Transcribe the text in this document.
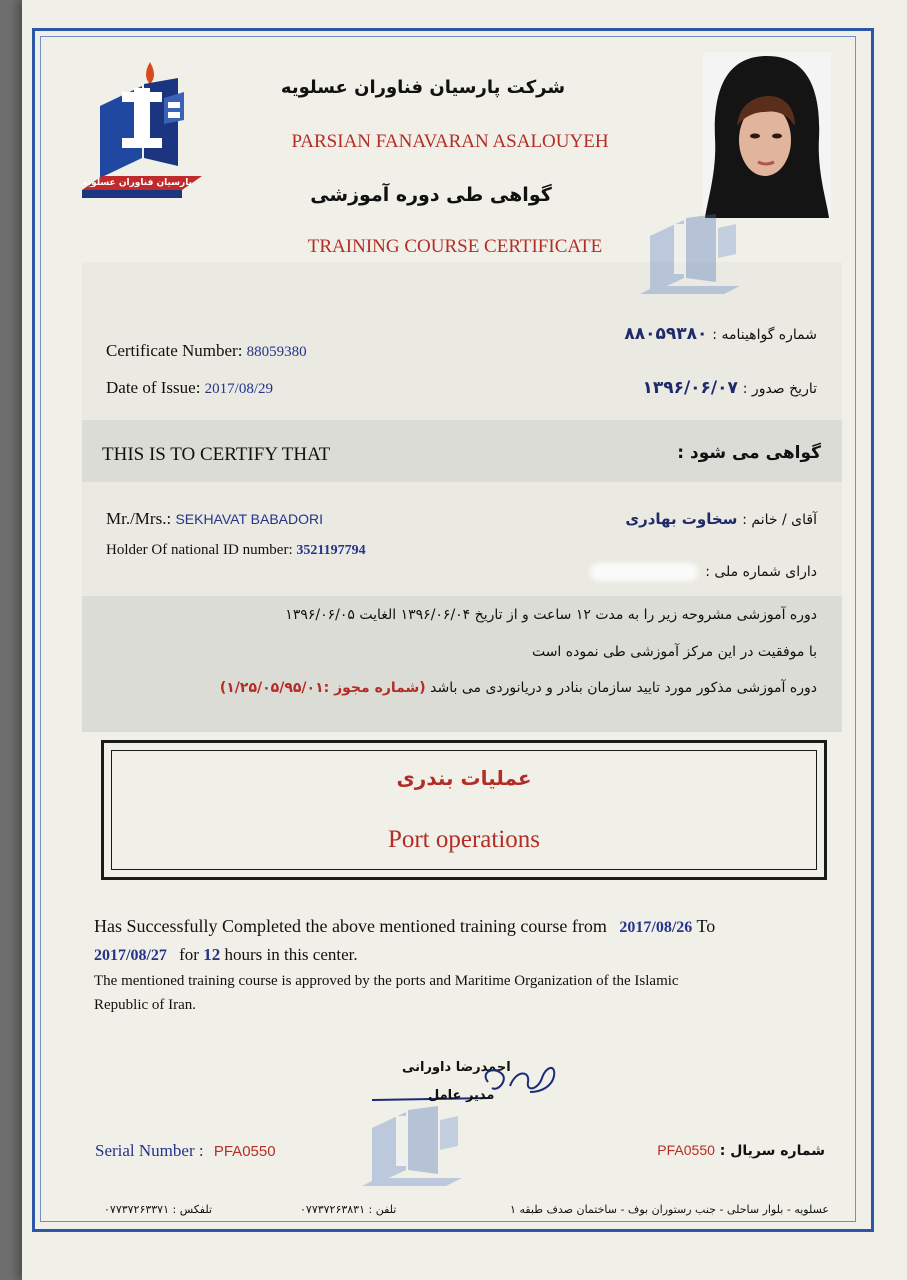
پارسیان فناوران عسلویه
شرکت پارسیان فناوران عسلویه
PARSIAN FANAVARAN ASALOUYEH
گواهی طی دوره آموزشی
TRAINING COURSE CERTIFICATE
Certificate Number: 88059380
Date of Issue: 2017/08/29
شماره گواهینامه : ۸۸۰۵۹۳۸۰
تاریخ صدور : ۱۳۹۶/۰۶/۰۷
THIS IS TO CERTIFY THAT	گواهی می شود :
Mr./Mrs.: SEKHAVAT BABADORI
Holder Of national ID number: 3521197794
آقای / خانم : سخاوت بهادری
دارای شماره ملی :
دوره آموزشی مشروحه زیر را به مدت ۱۲ ساعت و از تاریخ ۱۳۹۶/۰۶/۰۴ الغایت ۱۳۹۶/۰۶/۰۵
با موفقیت در این مرکز آموزشی طی نموده است
دوره آموزشی مذکور مورد تایید سازمان بنادر و دریانوردی می باشد (شماره مجوز :۱/۲۵/۰۵/۹۵/۰۱)
عملیات بندری
Port operations
Has Successfully Completed the above mentioned training course from 2017/08/26 To
2017/08/27 for 12 hours in this center.
The mentioned training course is approved by the ports and Maritime Organization of the Islamic
Republic of Iran.
احمدرضا داورانی
مدیر عامل
Serial Number : PFA0550	شماره سریال : PFA0550
عسلویه - بلوار ساحلی - جنب رستوران بوف - ساختمان صدف طبقه ۱
تلفن : ۰۷۷۳۷۲۶۳۸۳۱
تلفکس : ۰۷۷۳۷۲۶۳۳۷۱
